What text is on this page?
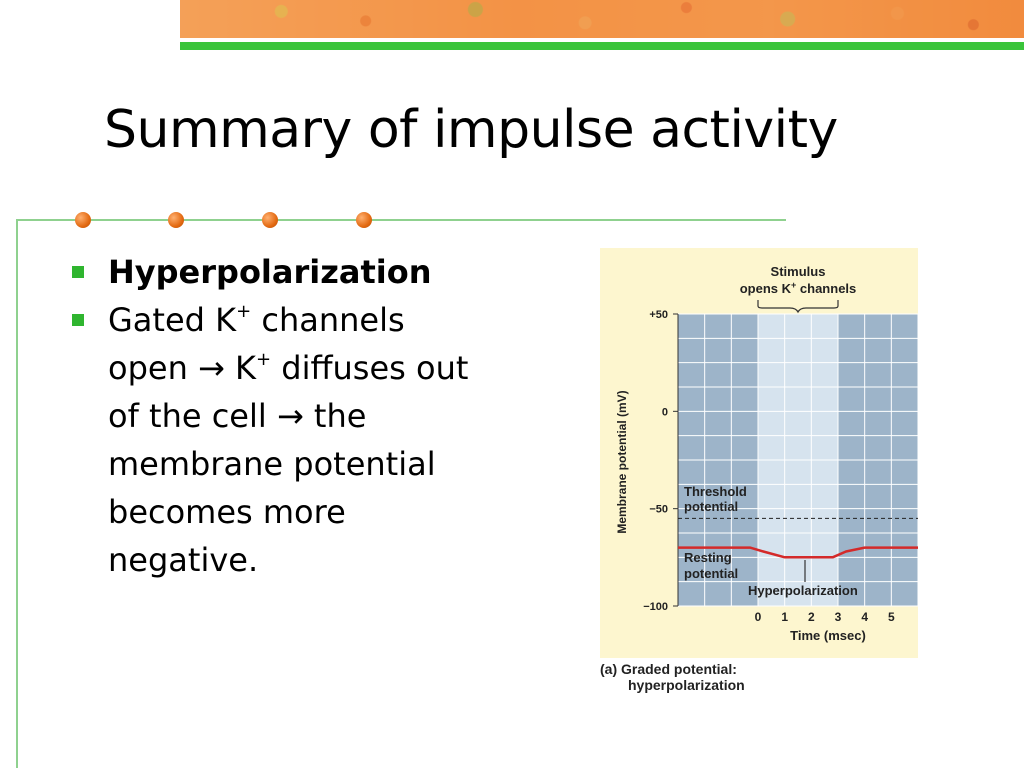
Summary of impulse activity
Hyperpolarization
Gated K+ channels open → K+ diffuses out of the cell → the membrane potential becomes more negative.
+50
0
−50
−100
0 1 2 3 4 5
Stimulus
opens K+ channels
Threshold
potential
Resting
potential
Hyperpolarization
Time (msec)
Membrane potential (mV)
(a) Graded potential:
hyperpolarization
